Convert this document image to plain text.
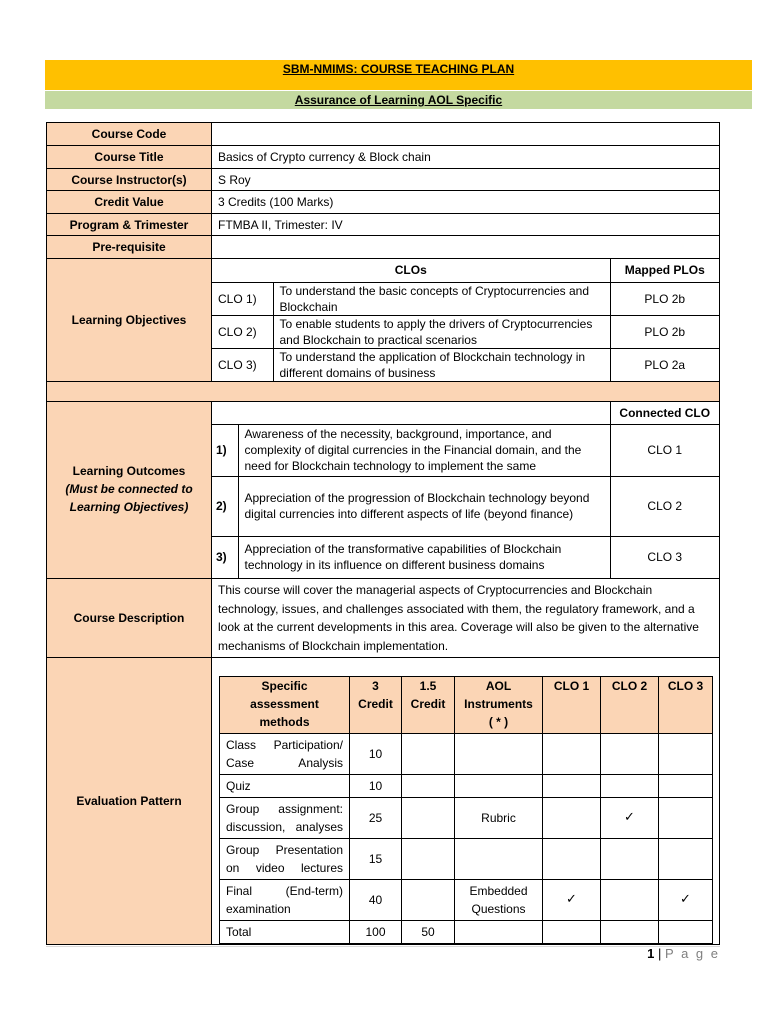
SBM-NMIMS: COURSE TEACHING PLAN
Assurance of Learning AOL Specific
Course Code	
Course Title	Basics of Crypto currency & Block chain
Course Instructor(s)	S Roy
Credit Value	3 Credits (100 Marks)
Program & Trimester	FTMBA II, Trimester: IV
Pre-requisite	
Learning Objectives	
CLOs	Mapped PLOs
CLO 1)	To understand the basic concepts of Cryptocurrencies and Blockchain	PLO 2b
CLO 2)	To enable students to apply the drivers of Cryptocurrencies and Blockchain to practical scenarios	PLO 2b
CLO 3)	To understand the application of Blockchain technology in different domains of business	PLO 2a

Learning Outcomes
(Must be connected to Learning Objectives)

	Connected CLO
1)	Awareness of the necessity, background, importance, and complexity of digital currencies in the Financial domain, and the need for Blockchain technology to implement the same	CLO 1
2)	Appreciation of the progression of Blockchain technology beyond digital currencies into different aspects of life (beyond finance)	CLO 2
3)	Appreciation of the transformative capabilities of Blockchain technology in its influence on different business domains	CLO 3

Course Description	This course will cover the managerial aspects of Cryptocurrencies and Blockchain technology, issues, and challenges associated with them, the regulatory framework, and a look at the current developments in this area. Coverage will also be given to the alternative mechanisms of Blockchain implementation.
Evaluation Pattern	
Specific assessment methods	3 Credit	1.5 Credit	AOL Instruments ( * )	CLO 1	CLO 2	CLO 3
Class Participation/ Case Analysis	10					
Quiz	10					
Group assignment: discussion, analyses	25		Rubric		✓	
Group Presentation on video lectures	15					
Final (End-term) examination	40		Embedded Questions	✓		✓
Total	100	50				
1 | P a g e
